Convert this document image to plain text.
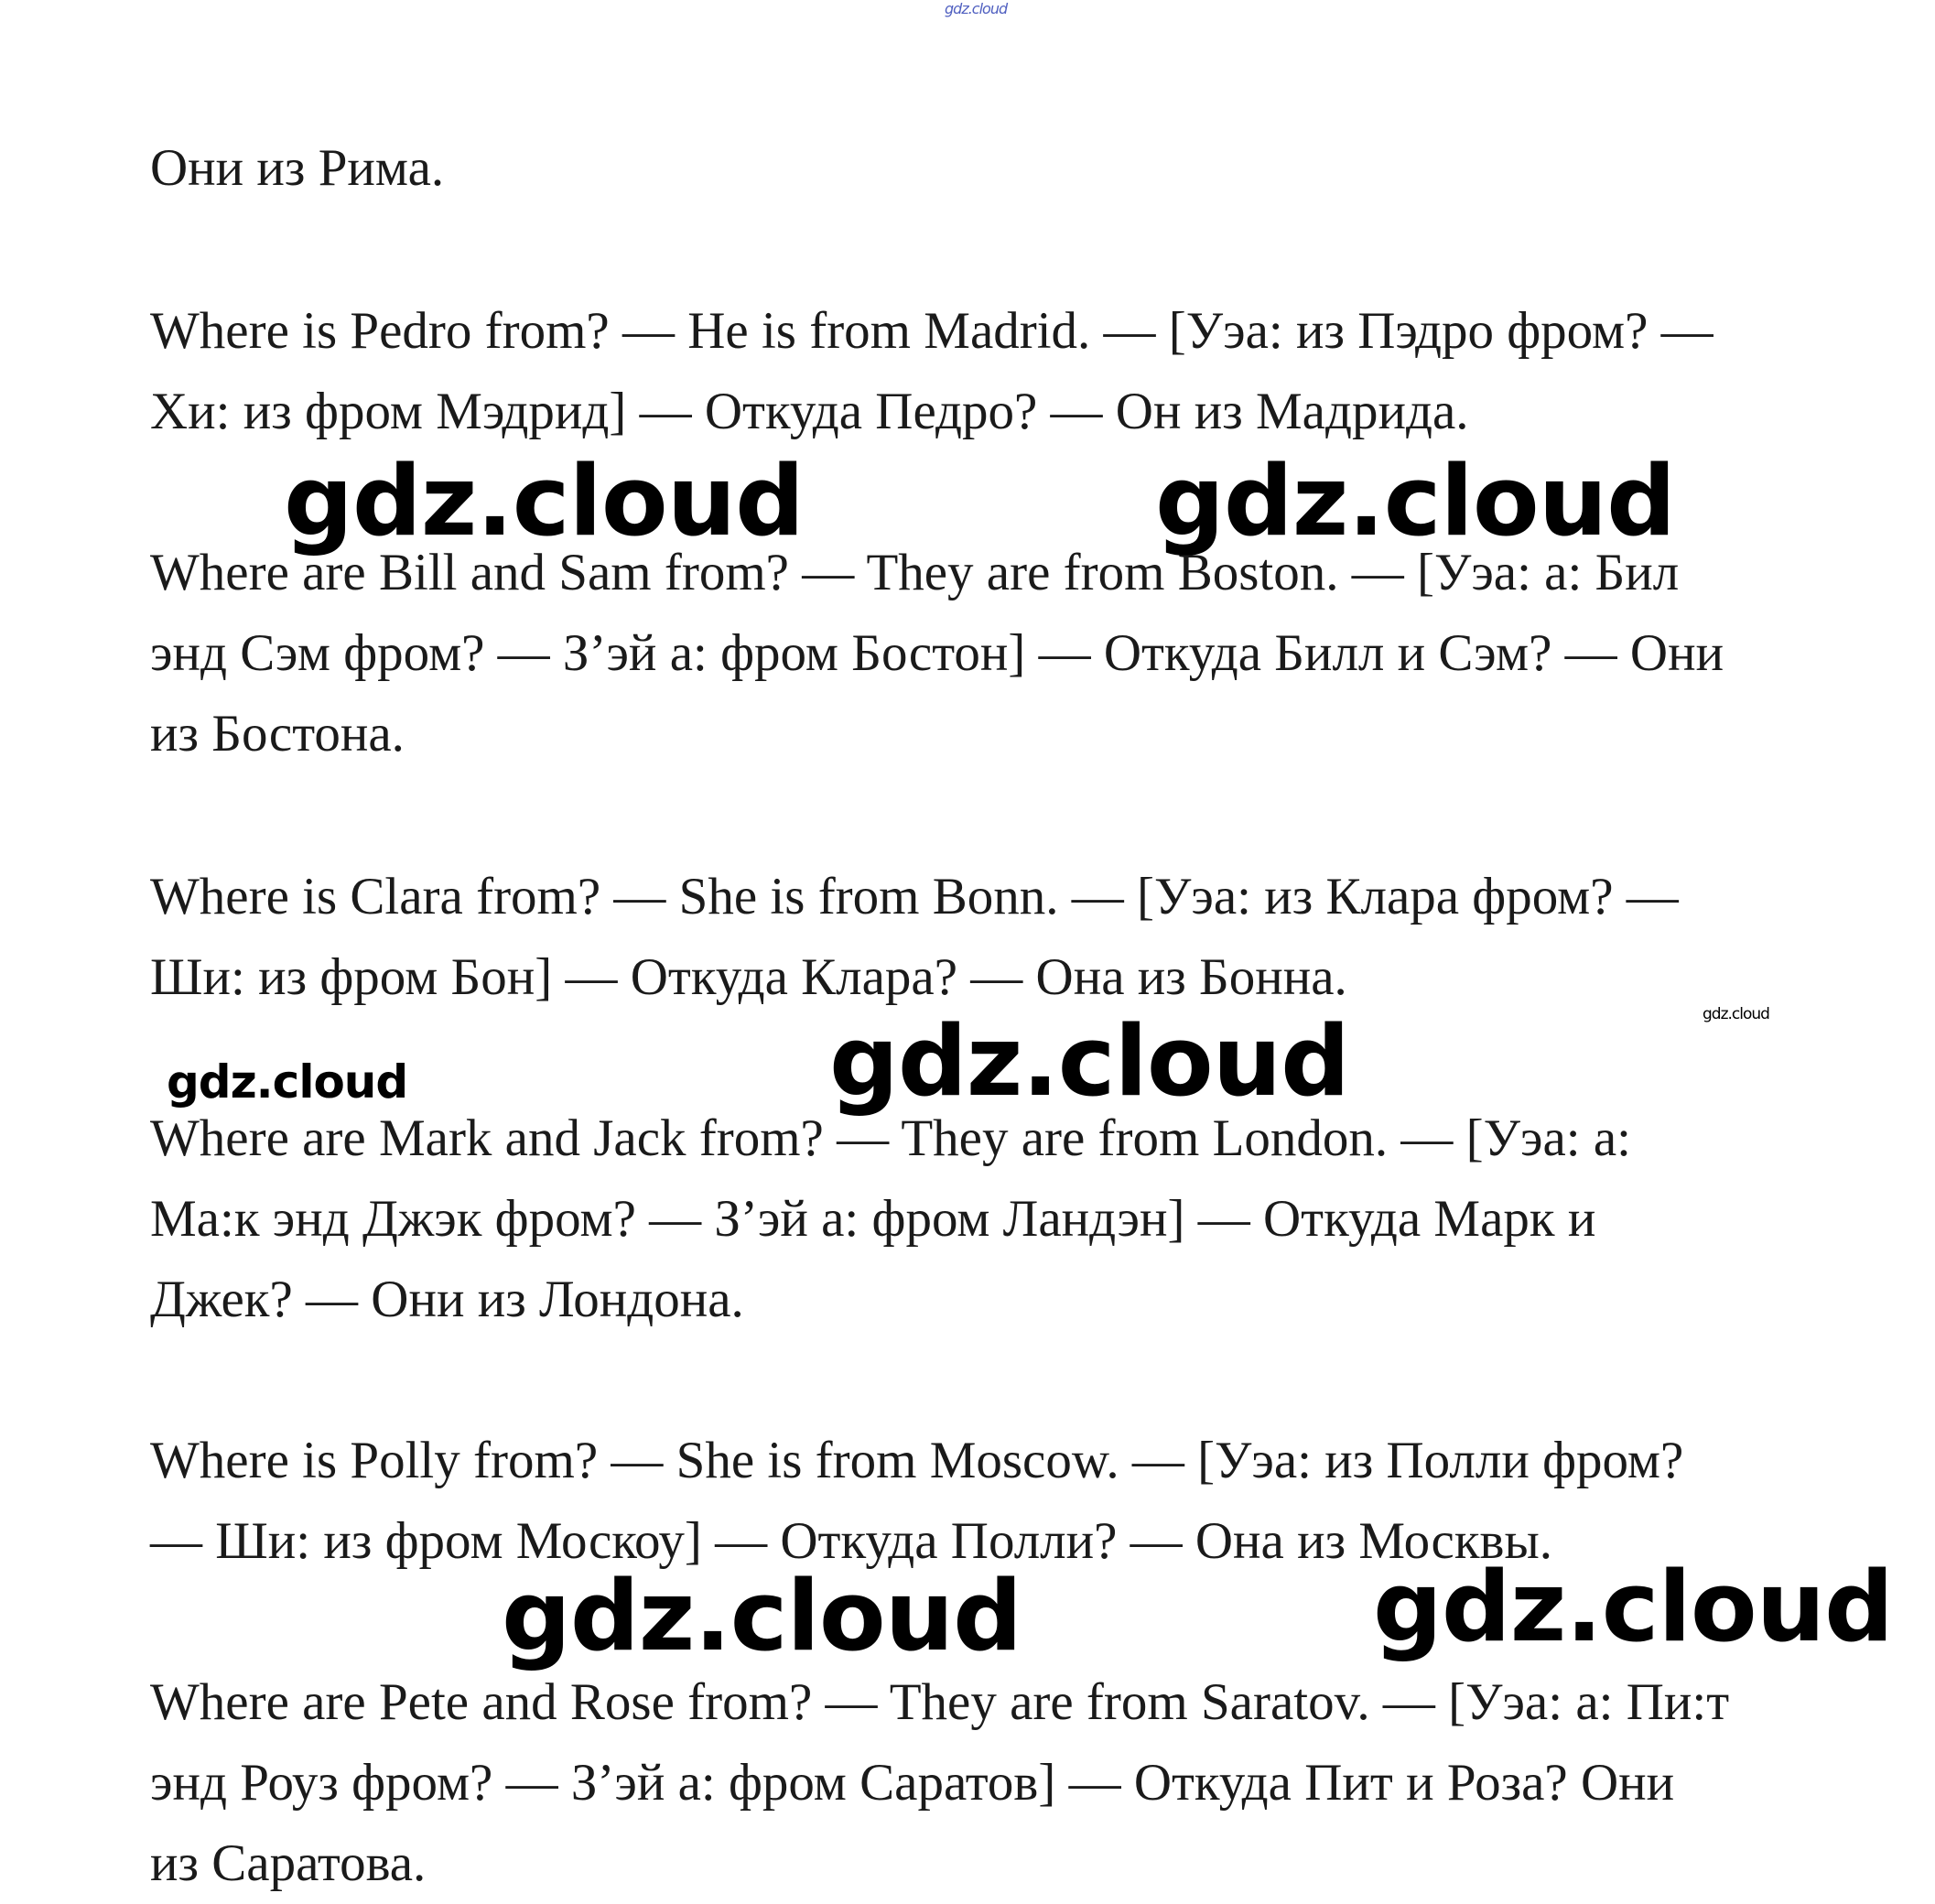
gdz.cloud

Они из Рима.

Where is Pedro from? — He is from Madrid. — [Уэа: из Пэдро фром? —
Хи: из фром Мэдрид] — Откуда Педро? — Он из Мадрида.

gdz.cloud	gdz.cloud

Where are Bill and Sam from? — They are from Boston. — [Уэа: а: Бил
энд Сэм фром? — З’эй а: фром Бостон] — Откуда Билл и Сэм? — Они
из Бостона.

Where is Clara from? — She is from Bonn. — [Уэа: из Клара фром? —
Ши: из фром Бон] — Откуда Клара? — Она из Бонна.

gdz.cloud
gdz.cloud
gdz.cloud

Where are Mark and Jack from? — They are from London. — [Уэа: а:
Ма:к энд Джэк фром? — З’эй а: фром Ландэн] — Откуда Марк и
Джек? — Они из Лондона.

Where is Polly from? — She is from Moscow. — [Уэа: из Полли фром?
— Ши: из фром Москоу] — Откуда Полли? — Она из Москвы.

gdz.cloud
gdz.cloud

Where are Pete and Rose from? — They are from Saratov. — [Уэа: а: Пи:т
энд Роуз фром? — З’эй а: фром Саратов] — Откуда Пит и Роза? Они
из Саратова.
